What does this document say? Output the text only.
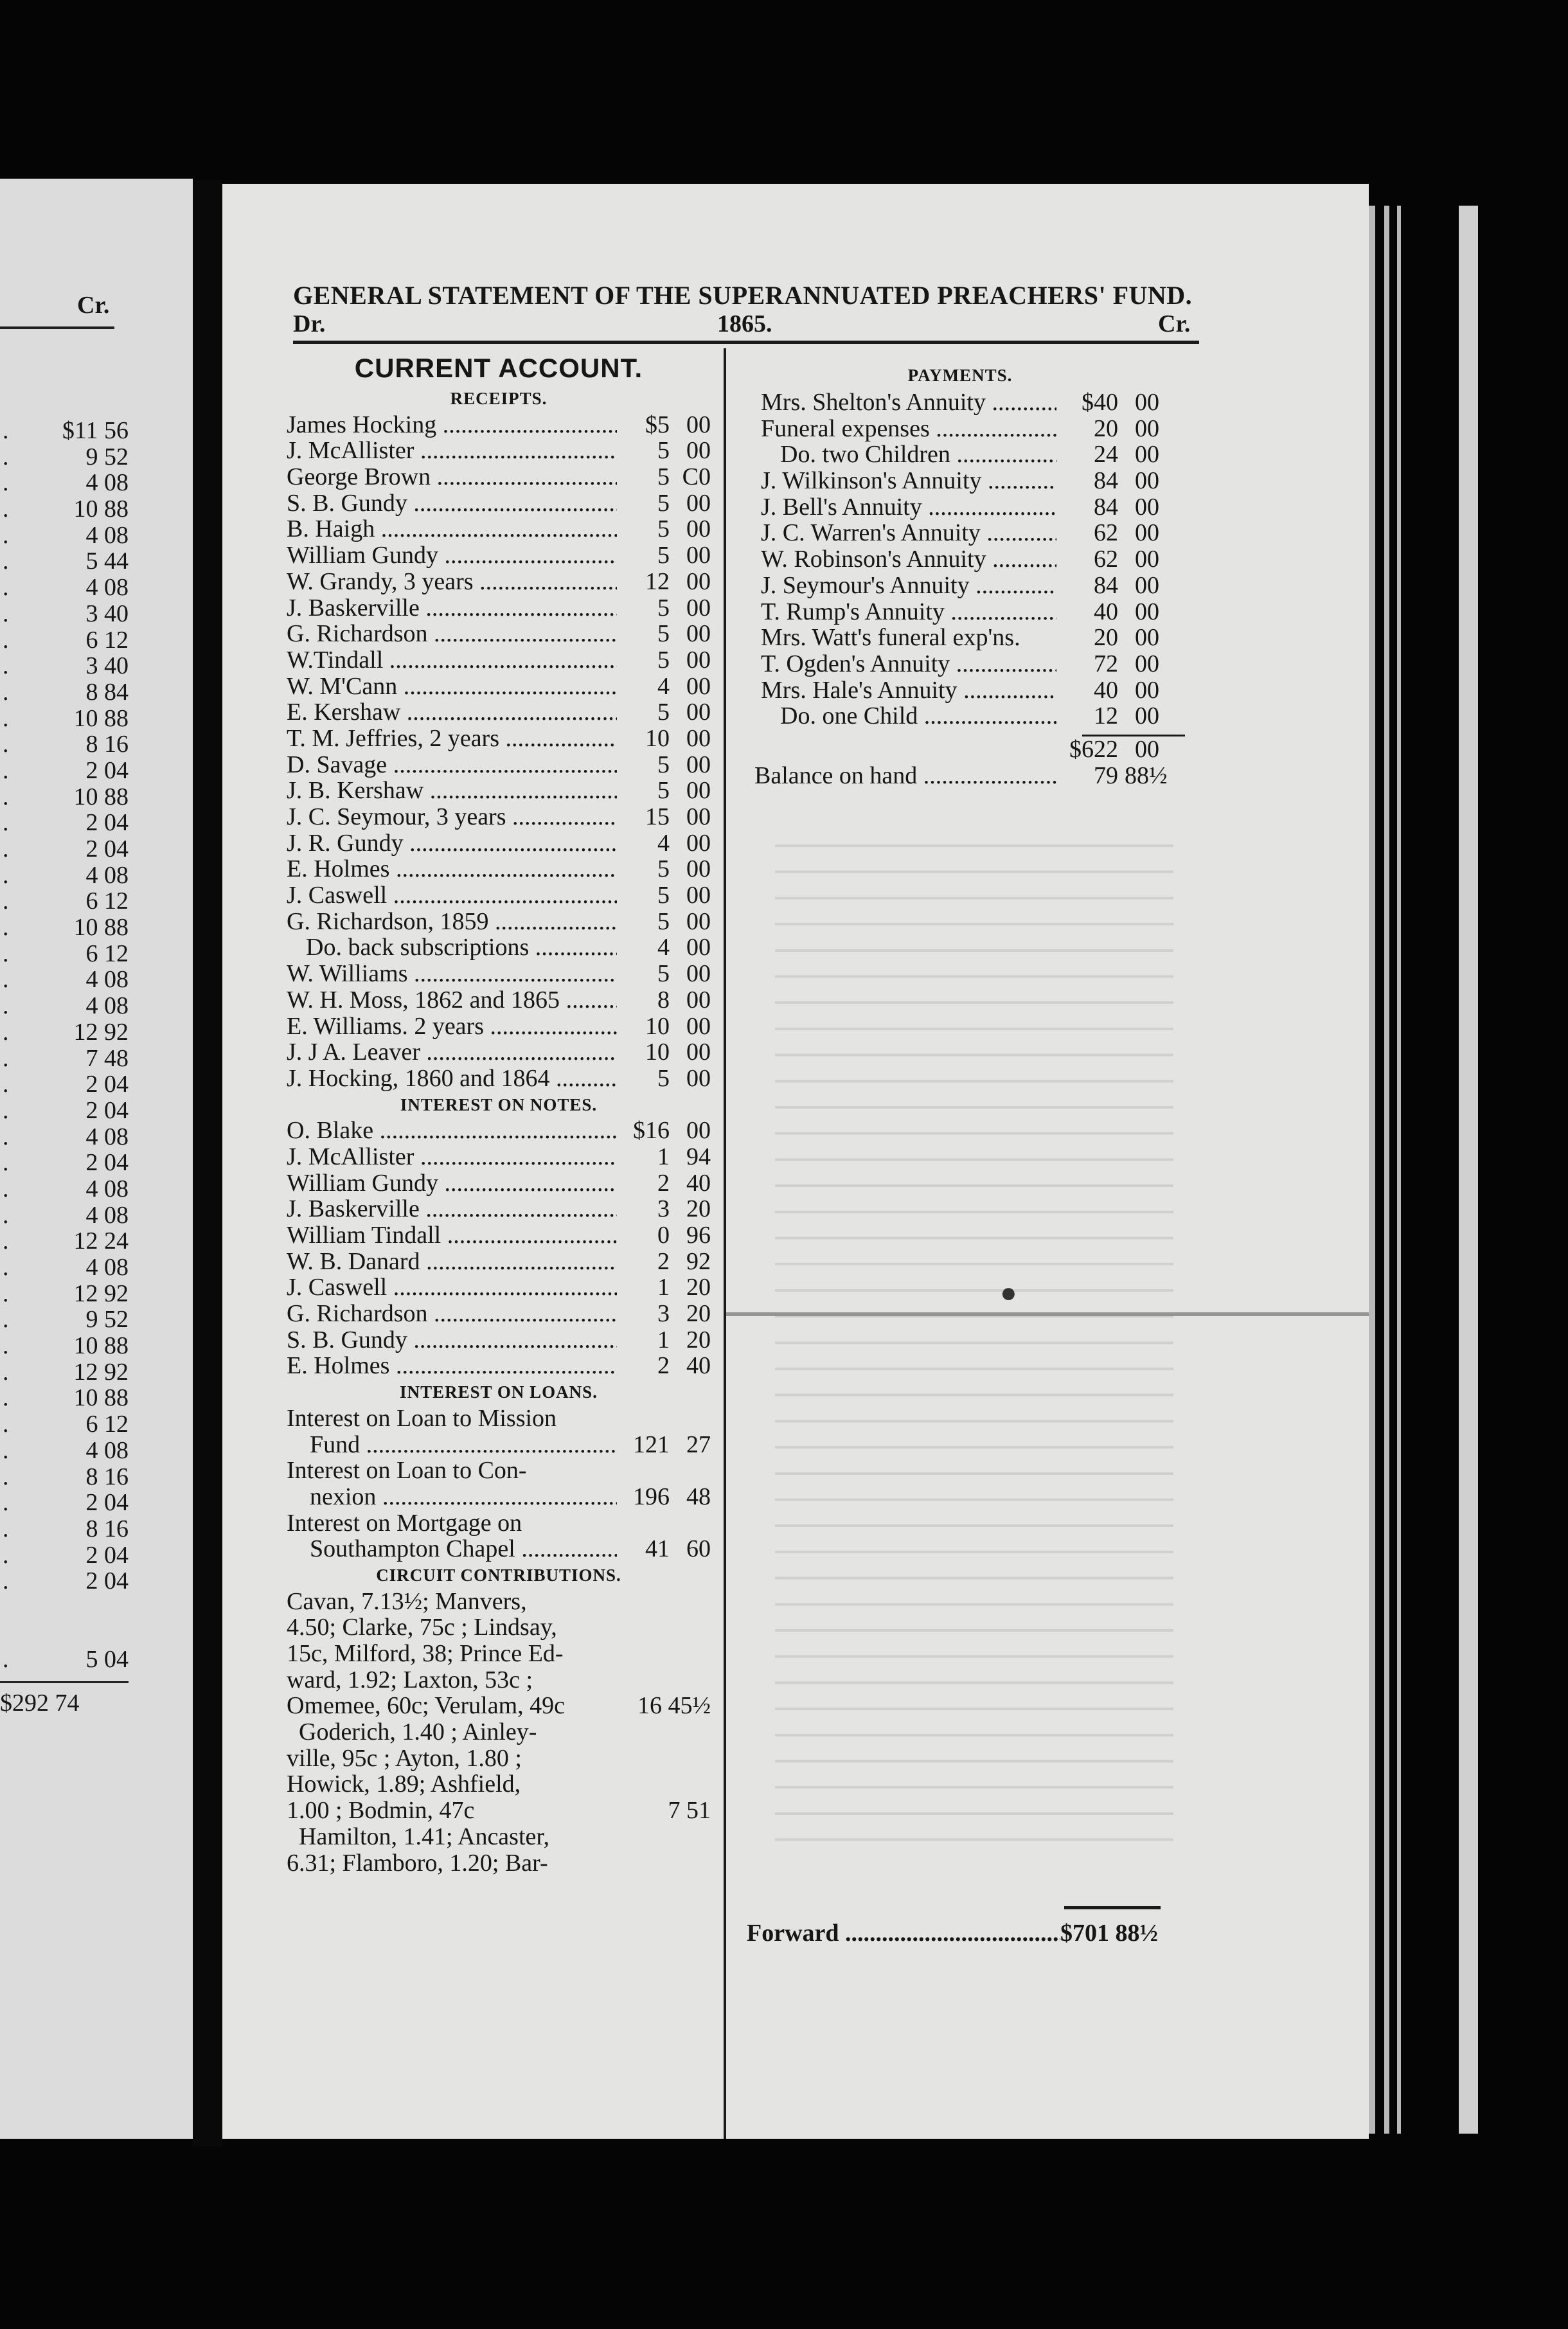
Cr.
. $11 56
.	9 52
.	4 08
.	10 88
.	4 08
.	5 44
.	4 08
.	3 40
.	6 12
.	3 40
.	8 84
.	10 88
.	8 16
.	2 04
.	10 88
.	2 04
.	2 04
.	4 08
.	6 12
.	10 88
.	6 12
.	4 08
.	4 08
.	12 92
.	7 48
.	2 04
.	2 04
.	4 08
.	2 04
.	4 08
.	4 08
.	12 24
.	4 08
.	12 92
.	9 52
.	10 88
.	12 92
.	10 88
.	6 12
.	4 08
.	8 16
.	2 04
.	8 16
.	2 04
.	2 04
.	5 04
$292 74
GENERAL STATEMENT OF THE SUPERANNUATED PREACHERS' FUND.
Dr.	1865.	Cr.
CURRENT ACCOUNT.
RECEIPTS.
James Hocking .....	$5 00
J. McAllister .....	5 00
George Brown .....	5 C0
S. B. Gundy .....	5 00
B. Haigh .....	5 00
William Gundy .....	5 00
W. Grandy, 3 years .....	12 00
J. Baskerville .....	5 00
G. Richardson .....	5 00
W.Tindall .....	5 00
W. M'Cann .....	4 00
E. Kershaw .....	5 00
T. M. Jeffries, 2 years .....	10 00
D. Savage .....	5 00
J. B. Kershaw .....	5 00
J. C. Seymour, 3 years .....	15 00
J. R. Gundy .....	4 00
E. Holmes .....	5 00
J. Caswell .....	5 00
G. Richardson, 1859 .....	5 00
Do. back subscriptions .....	4 00
W. Williams .....	5 00
W. H. Moss, 1862 and 1865 .....	8 00
E. Williams. 2 years .....	10 00
J. J A. Leaver .....	10 00
J. Hocking, 1860 and 1864 .....	5 00
INTEREST ON NOTES.
O. Blake .....	$16 00
J. McAllister .....	1 94
William Gundy .....	2 40
J. Baskerville .....	3 20
William Tindall .....	0 96
W. B. Danard .....	2 92
J. Caswell .....	1 20
G. Richardson .....	3 20
S. B. Gundy .....	1 20
E. Holmes .....	2 40
INTEREST ON LOANS.
Interest on Loan to Mission
Fund .....	121 27
Interest on Loan to Con-
nexion .....	196 48
Interest on Mortgage on
Southampton Chapel .....	41 60
CIRCUIT CONTRIBUTIONS.
Cavan, 7.13½; Manvers,
4.50; Clarke, 75c ; Lindsay,
15c, Milford, 38; Prince Ed-
ward, 1.92; Laxton, 53c ;
Omemee, 60c; Verulam, 49c	16 45½
Goderich, 1.40 ; Ainley-
ville, 95c ; Ayton, 1.80 ;
Howick, 1.89; Ashfield,
1.00 ; Bodmin, 47c	7 51
Hamilton, 1.41; Ancaster,
6.31; Flamboro, 1.20; Bar-
PAYMENTS.
Mrs. Shelton's Annuity .....	$40 00
Funeral expenses .....	20 00
Do. two Children .....	24 00
J. Wilkinson's Annuity .....	84 00
J. Bell's Annuity .....	84 00
J. C. Warren's Annuity .....	62 00
W. Robinson's Annuity .....	62 00
J. Seymour's Annuity .....	84 00
T. Rump's Annuity .....	40 00
Mrs. Watt's funeral exp'ns.	20 00
T. Ogden's Annuity .....	72 00
Mrs. Hale's Annuity .....	40 00
Do. one Child .....	12 00
$622 00
Balance on hand .....	79 88½
Forward .....	$701 88½
●
